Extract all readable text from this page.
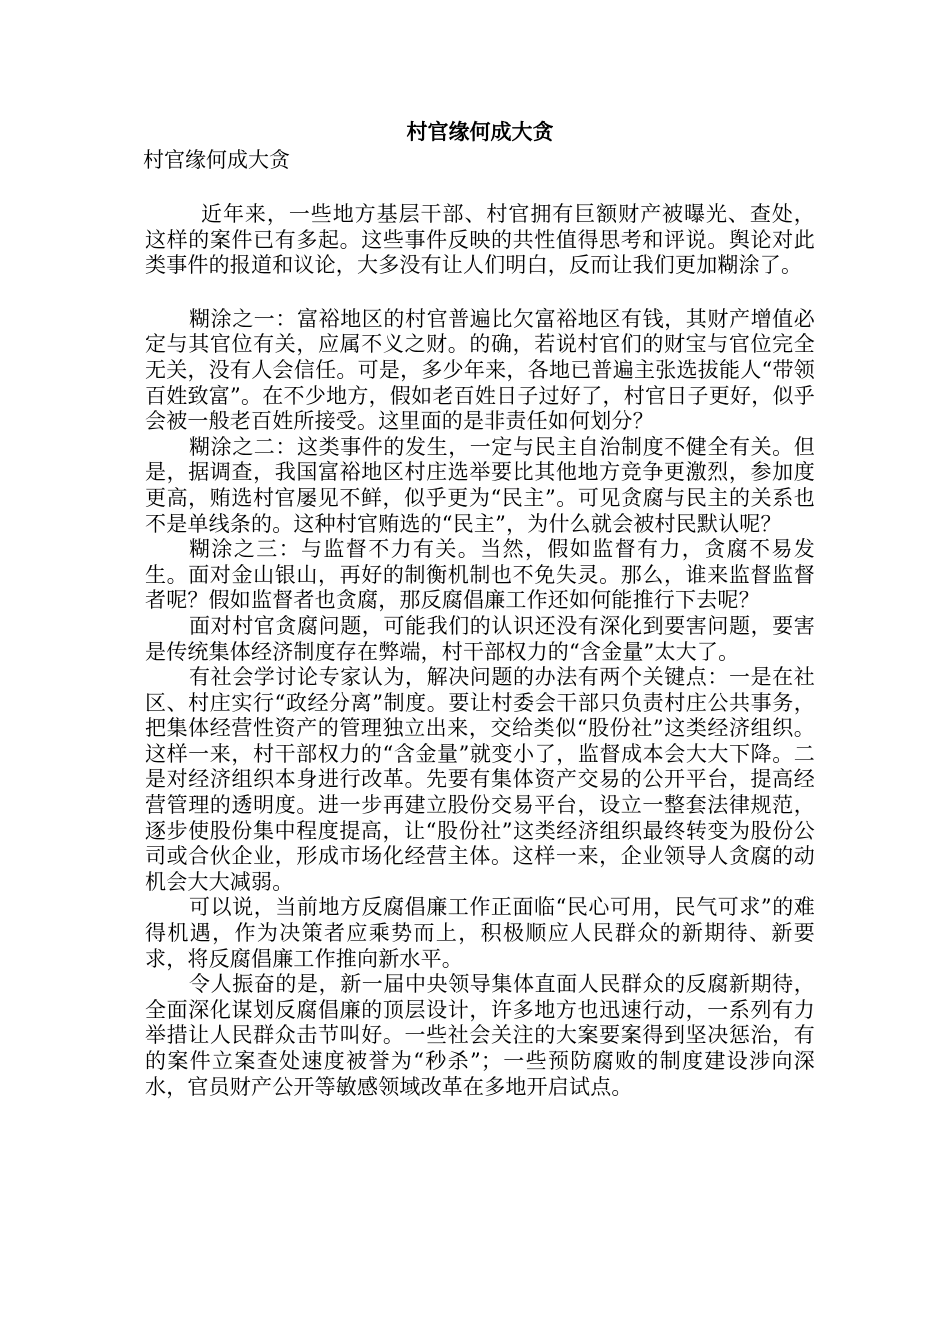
村官缘何成大贪

村官缘何成大贪

近年来，一些地方基层干部、村官拥有巨额财产被曝光、查处，这样的案件已有多起。这些事件反映的共性值得思考和评说。舆论对此类事件的报道和议论，大多没有让人们明白，反而让我们更加糊涂了。

糊涂之一：富裕地区的村官普遍比欠富裕地区有钱，其财产增值必定与其官位有关，应属不义之财。的确，若说村官们的财宝与官位完全无关，没有人会信任。可是，多少年来，各地已普遍主张选拔能人“带领百姓致富”。在不少地方，假如老百姓日子过好了，村官日子更好，似乎会被一般老百姓所接受。这里面的是非责任如何划分？

糊涂之二：这类事件的发生，一定与民主自治制度不健全有关。但是，据调查，我国富裕地区村庄选举要比其他地方竞争更激烈，参加度更高，贿选村官屡见不鲜，似乎更为“民主”。可见贪腐与民主的关系也不是单线条的。这种村官贿选的“民主”，为什么就会被村民默认呢？

糊涂之三：与监督不力有关。当然，假如监督有力，贪腐不易发生。面对金山银山，再好的制衡机制也不免失灵。那么，谁来监督监督者呢？假如监督者也贪腐，那反腐倡廉工作还如何能推行下去呢？

面对村官贪腐问题，可能我们的认识还没有深化到要害问题，要害是传统集体经济制度存在弊端，村干部权力的“含金量”太大了。

有社会学讨论专家认为，解决问题的办法有两个关键点：一是在社区、村庄实行“政经分离”制度。要让村委会干部只负责村庄公共事务，把集体经营性资产的管理独立出来，交给类似“股份社”这类经济组织。这样一来，村干部权力的“含金量”就变小了，监督成本会大大下降。二是对经济组织本身进行改革。先要有集体资产交易的公开平台，提高经营管理的透明度。进一步再建立股份交易平台，设立一整套法律规范，逐步使股份集中程度提高，让“股份社”这类经济组织最终转变为股份公司或合伙企业，形成市场化经营主体。这样一来，企业领导人贪腐的动机会大大减弱。

可以说，当前地方反腐倡廉工作正面临“民心可用，民气可求”的难得机遇，作为决策者应乘势而上，积极顺应人民群众的新期待、新要求，将反腐倡廉工作推向新水平。

令人振奋的是，新一届中央领导集体直面人民群众的反腐新期待，全面深化谋划反腐倡廉的顶层设计，许多地方也迅速行动，一系列有力举措让人民群众击节叫好。一些社会关注的大案要案得到坚决惩治，有的案件立案查处速度被誉为“秒杀”；一些预防腐败的制度建设涉向深水，官员财产公开等敏感领域改革在多地开启试点。
